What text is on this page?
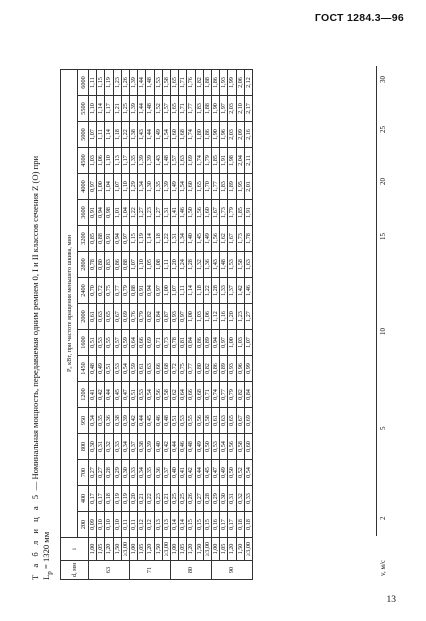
ГОСТ 1284.3—96
Т а б л и ц а 5 — Номинальная мощность, передаваемая одним ремнем 0, I и II классов сечения Z (O) при
$L_p = 1320$ мм	d, мм	i	P₀ кВт, при частоте вращения меньшего шкива, мин																	
		200	400	700	800	950	1200	1450	1600	2000	2400	2800	3200	3600	4000	4500	5000	5500	6000
63	1,00	0,09	0,17	0,27	0,30	0,34	0,41	0,48	0,51	0,61	0,70	0,78	0,85	0,91	0,97	1,03	1,07	1,10	1,11
	1,05	0,10	0,17	0,27	0,31	0,35	0,42	0,49	0,53	0,63	0,72	0,80	0,88	0,94	1,00	1,06	1,11	1,14	1,15
	1,20	0,10	0,18	0,28	0,32	0,36	0,44	0,51	0,55	0,65	0,75	0,83	0,91	0,98	1,04	1,10	1,14	1,17	1,19
	1,50	0,10	0,19	0,29	0,33	0,38	0,45	0,53	0,57	0,67	0,77	0,86	0,94	1,01	1,07	1,13	1,18	1,21	1,23
	≥3,00	0,11	0,19	0,30	0,34	0,39	0,47	0,54	0,59	0,69	0,79	0,88	0,97	1,04	1,10	1,17	1,22	1,25	1,26
71	1,00	0,11	0,20	0,33	0,37	0,42	0,51	0,59	0,64	0,76	0,88	1,07	1,15	1,22	1,29	1,35	1,38	1,39	1,39
	1,05	0,12	0,21	0,34	0,38	0,44	0,53	0,61	0,66	0,79	0,91	1,10	1,19	1,27	1,34	1,39	1,43	1,44	1,44
	1,20	0,12	0,22	0,35	0,39	0,45	0,54	0,63	0,69	0,82	0,94	1,05	1,14	1,23	1,30	1,39	1,44	1,48	1,48
	1,50	0,13	0,23	0,36	0,40	0,46	0,56	0,66	0,71	0,84	0,97	1,08	1,18	1,27	1,35	1,43	1,49	1,52	1,53
	≥3,00	0,13	0,21	0,37	0,42	0,48	0,58	0,68	0,73	0,87	1,00	1,11	1,22	1,31	1,39	1,48	1,54	1,57	1,58
80	1,00	0,14	0,25	0,40	0,44	0,51	0,62	0,72	0,78	0,93	1,07	1,20	1,31	1,41	1,49	1,57	1,60	1,65	1,65
	1,05	0,14	0,25	0,41	0,46	0,53	0,64	0,75	0,81	0,97	1,11	1,24	1,34	1,46	1,54	1,63	1,68	1,71	1,71
	1,20	0,15	0,26	0,42	0,48	0,55	0,66	0,77	0,84	1,00	1,14	1,28	1,40	1,50	1,60	1,69	1,74	1,77	1,76
	1,50	0,15	0,27	0,44	0,49	0,56	0,68	0,80	0,86	1,03	1,18	1,32	1,45	1,56	1,65	1,74	1,80	1,83	1,82
	≥3,00	0,15	0,28	0,45	0,50	0,58	0,71	0,82	0,89	1,06	1,22	1,36	1,49	1,60	1,70	1,79	1,86	1,88	1,88
90	1,00	0,16	0,29	0,47	0,53	0,61	0,74	0,86	0,94	1,12	1,28	1,43	1,56	1,67	1,77	1,85	1,90	1,90	1,86
	1,05	0,17	0,30	0,49	0,54	0,63	0,77	0,89	0,97	1,16	1,33	1,48	1,62	1,73	1,83	1,91	1,96	1,97	1,93
	1,20	0,17	0,31	0,50	0,56	0,65	0,79	0,93	1,00	1,20	1,37	1,53	1,67	1,79	1,89	1,98	2,03	2,03	1,99
	1,50	0,18	0,32	0,52	0,58	0,67	0,82	0,96	1,03	1,23	1,42	1,58	1,73	1,85	1,95	2,04	2,09	2,10	2,06
	≥3,00	0,18	0,33	0,54	0,60	0,69	0,84	0,99	1,07	1,27	1,46	1,63	1,78	1,91	2,01	2,11	2,16	2,17	2,12
v, м/с
2
5
10
15
20
25
30
13
